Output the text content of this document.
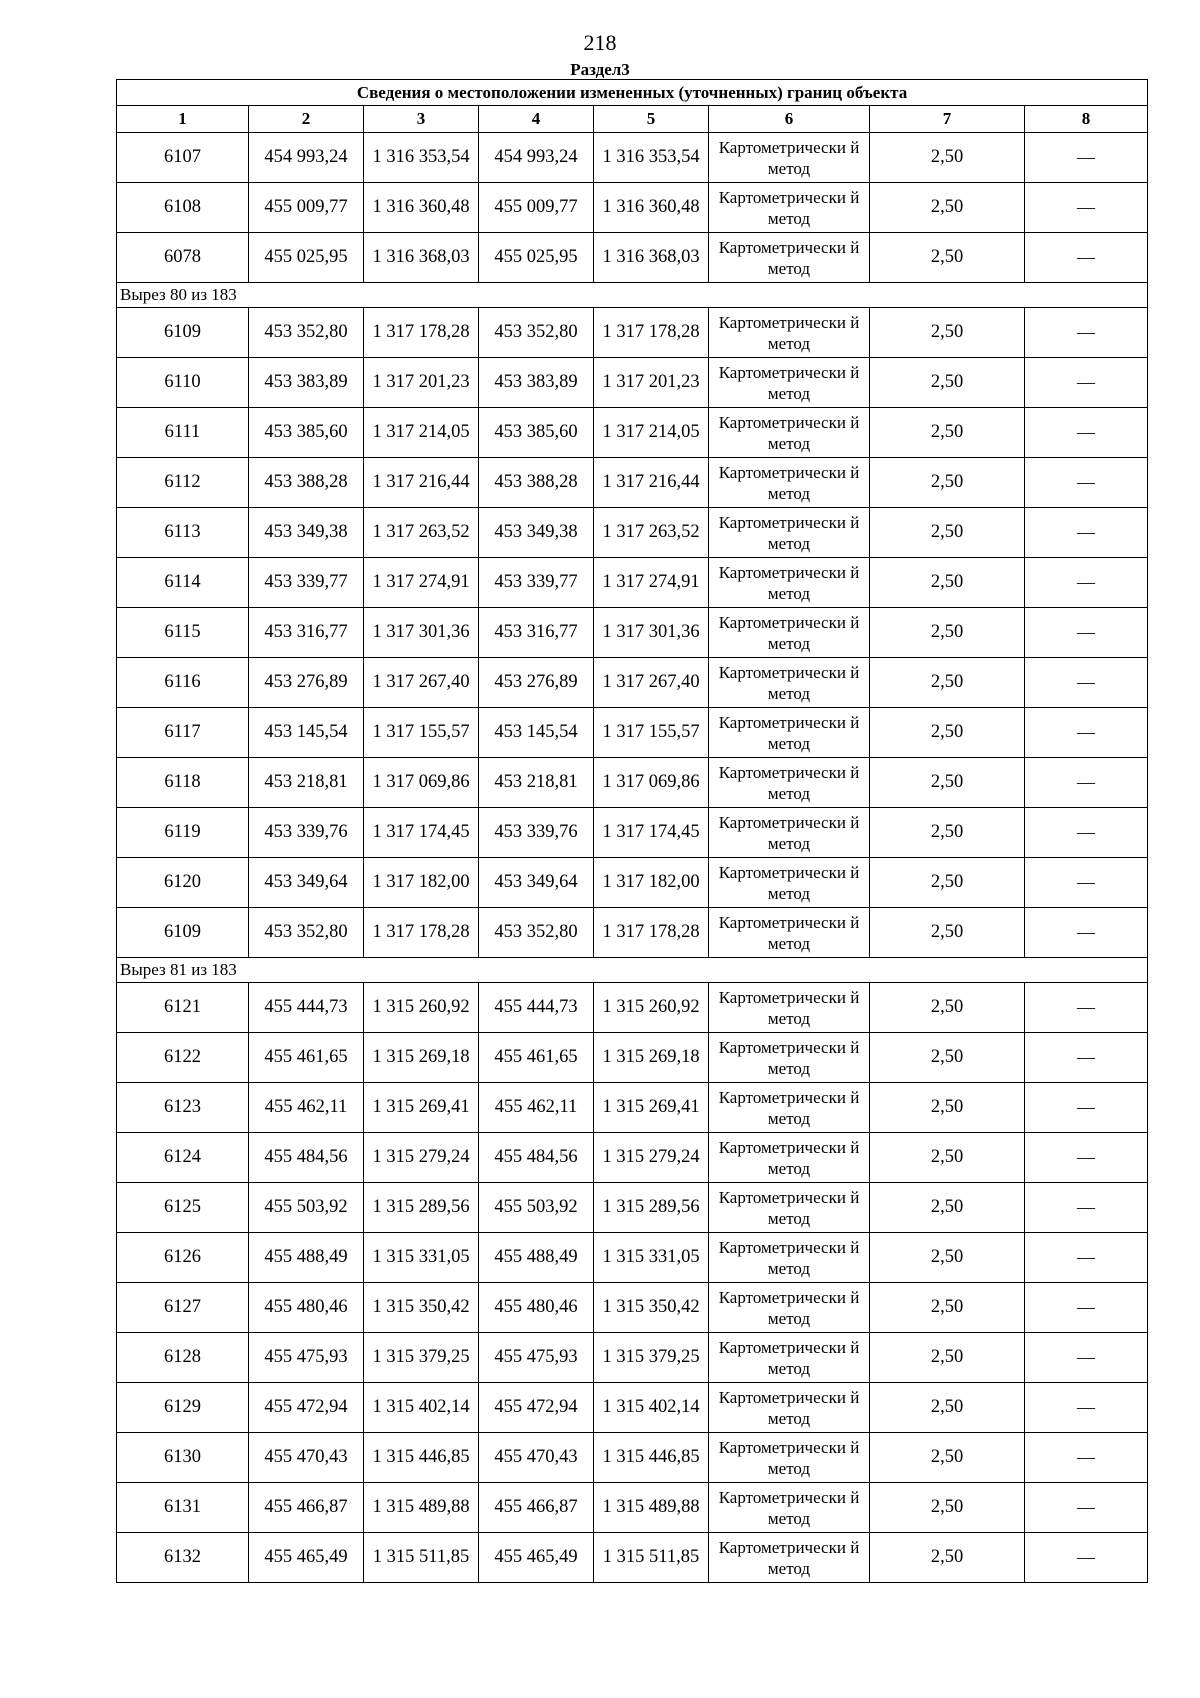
218
Раздел3
Сведения о местоположении измененных (уточненных) границ объекта							
1	2	3	4	5	6	7	8
6107	454 993,24	1 316 353,54	454 993,24	1 316 353,54	Картометрически й метод	2,50	—
6108	455 009,77	1 316 360,48	455 009,77	1 316 360,48	Картометрически й метод	2,50	—
6078	455 025,95	1 316 368,03	455 025,95	1 316 368,03	Картометрически й метод	2,50	—
Вырез 80 из 183							
6109	453 352,80	1 317 178,28	453 352,80	1 317 178,28	Картометрически й метод	2,50	—
6110	453 383,89	1 317 201,23	453 383,89	1 317 201,23	Картометрически й метод	2,50	—
6111	453 385,60	1 317 214,05	453 385,60	1 317 214,05	Картометрически й метод	2,50	—
6112	453 388,28	1 317 216,44	453 388,28	1 317 216,44	Картометрически й метод	2,50	—
6113	453 349,38	1 317 263,52	453 349,38	1 317 263,52	Картометрически й метод	2,50	—
6114	453 339,77	1 317 274,91	453 339,77	1 317 274,91	Картометрически й метод	2,50	—
6115	453 316,77	1 317 301,36	453 316,77	1 317 301,36	Картометрически й метод	2,50	—
6116	453 276,89	1 317 267,40	453 276,89	1 317 267,40	Картометрически й метод	2,50	—
6117	453 145,54	1 317 155,57	453 145,54	1 317 155,57	Картометрически й метод	2,50	—
6118	453 218,81	1 317 069,86	453 218,81	1 317 069,86	Картометрически й метод	2,50	—
6119	453 339,76	1 317 174,45	453 339,76	1 317 174,45	Картометрически й метод	2,50	—
6120	453 349,64	1 317 182,00	453 349,64	1 317 182,00	Картометрически й метод	2,50	—
6109	453 352,80	1 317 178,28	453 352,80	1 317 178,28	Картометрически й метод	2,50	—
Вырез 81 из 183							
6121	455 444,73	1 315 260,92	455 444,73	1 315 260,92	Картометрически й метод	2,50	—
6122	455 461,65	1 315 269,18	455 461,65	1 315 269,18	Картометрически й метод	2,50	—
6123	455 462,11	1 315 269,41	455 462,11	1 315 269,41	Картометрически й метод	2,50	—
6124	455 484,56	1 315 279,24	455 484,56	1 315 279,24	Картометрически й метод	2,50	—
6125	455 503,92	1 315 289,56	455 503,92	1 315 289,56	Картометрически й метод	2,50	—
6126	455 488,49	1 315 331,05	455 488,49	1 315 331,05	Картометрически й метод	2,50	—
6127	455 480,46	1 315 350,42	455 480,46	1 315 350,42	Картометрически й метод	2,50	—
6128	455 475,93	1 315 379,25	455 475,93	1 315 379,25	Картометрически й метод	2,50	—
6129	455 472,94	1 315 402,14	455 472,94	1 315 402,14	Картометрически й метод	2,50	—
6130	455 470,43	1 315 446,85	455 470,43	1 315 446,85	Картометрически й метод	2,50	—
6131	455 466,87	1 315 489,88	455 466,87	1 315 489,88	Картометрически й метод	2,50	—
6132	455 465,49	1 315 511,85	455 465,49	1 315 511,85	Картометрически й метод	2,50	—
